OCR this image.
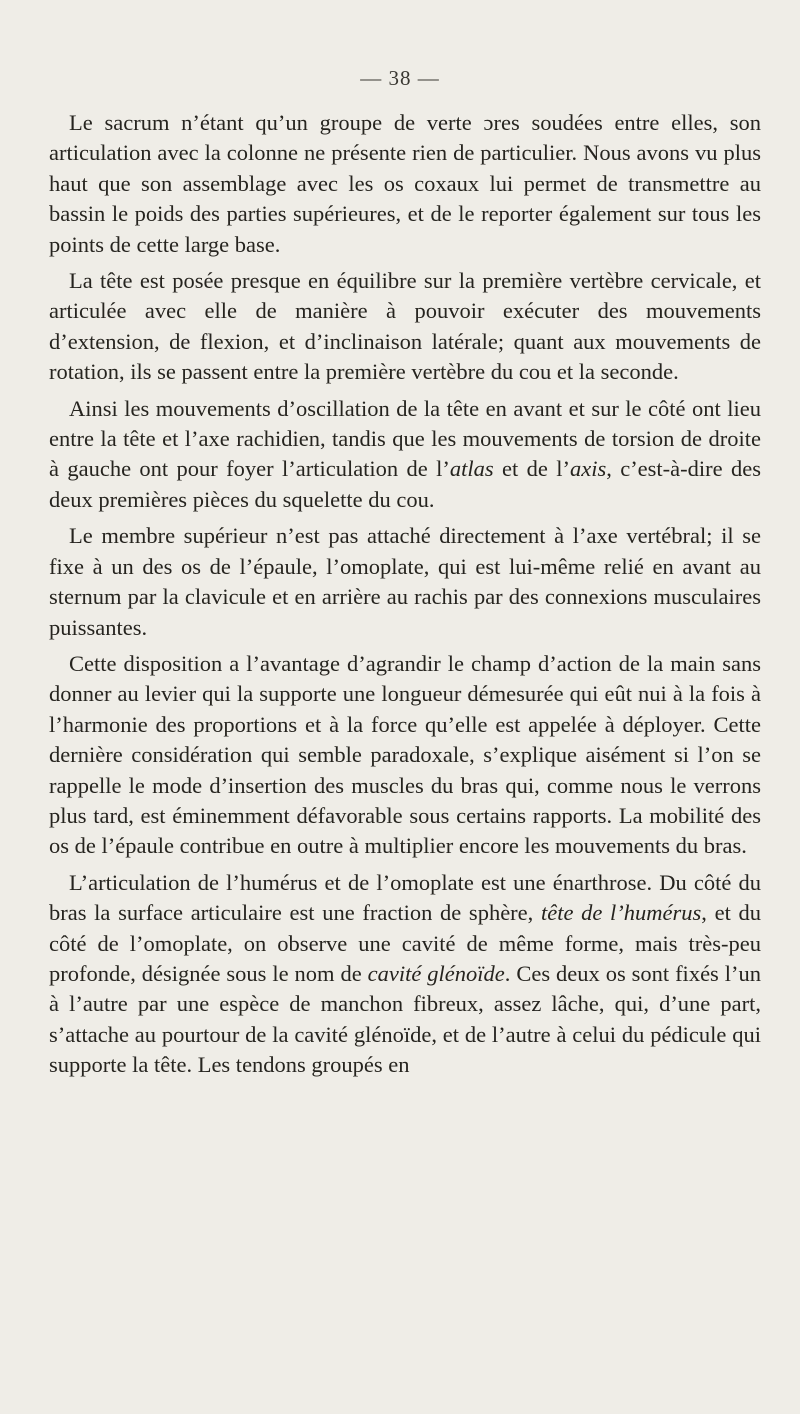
— 38 —

Le sacrum n’étant qu’un groupe de verte ɔres soudées entre elles, son articulation avec la colonne ne présente rien de particulier. Nous avons vu plus haut que son assemblage avec les os coxaux lui permet de transmettre au bassin le poids des parties supérieures, et de le reporter également sur tous les points de cette large base.

La tête est posée presque en équilibre sur la première vertèbre cervicale, et articulée avec elle de manière à pouvoir exécuter des mouvements d’extension, de flexion, et d’inclinaison latérale; quant aux mouvements de rotation, ils se passent entre la première vertèbre du cou et la seconde.

Ainsi les mouvements d’oscillation de la tête en avant et sur le côté ont lieu entre la tête et l’axe rachidien, tandis que les mouvements de torsion de droite à gauche ont pour foyer l’articulation de l’atlas et de l’axis, c’est-à-dire des deux premières pièces du squelette du cou.

Le membre supérieur n’est pas attaché directement à l’axe vertébral; il se fixe à un des os de l’épaule, l’omoplate, qui est lui-même relié en avant au sternum par la clavicule et en arrière au rachis par des connexions musculaires puissantes.

Cette disposition a l’avantage d’agrandir le champ d’action de la main sans donner au levier qui la supporte une longueur démesurée qui eût nui à la fois à l’harmonie des proportions et à la force qu’elle est appelée à déployer. Cette dernière considération qui semble paradoxale, s’explique aisément si l’on se rappelle le mode d’insertion des muscles du bras qui, comme nous le verrons plus tard, est éminemment défavorable sous certains rapports. La mobilité des os de l’épaule contribue en outre à multiplier encore les mouvements du bras.

L’articulation de l’humérus et de l’omoplate est une énarthrose. Du côté du bras la surface articulaire est une fraction de sphère, tête de l’humérus, et du côté de l’omoplate, on observe une cavité de même forme, mais très-peu profonde, désignée sous le nom de cavité glénoïde. Ces deux os sont fixés l’un à l’autre par une espèce de manchon fibreux, assez lâche, qui, d’une part, s’attache au pourtour de la cavité glénoïde, et de l’autre à celui du pédicule qui supporte la tête. Les tendons groupés en
